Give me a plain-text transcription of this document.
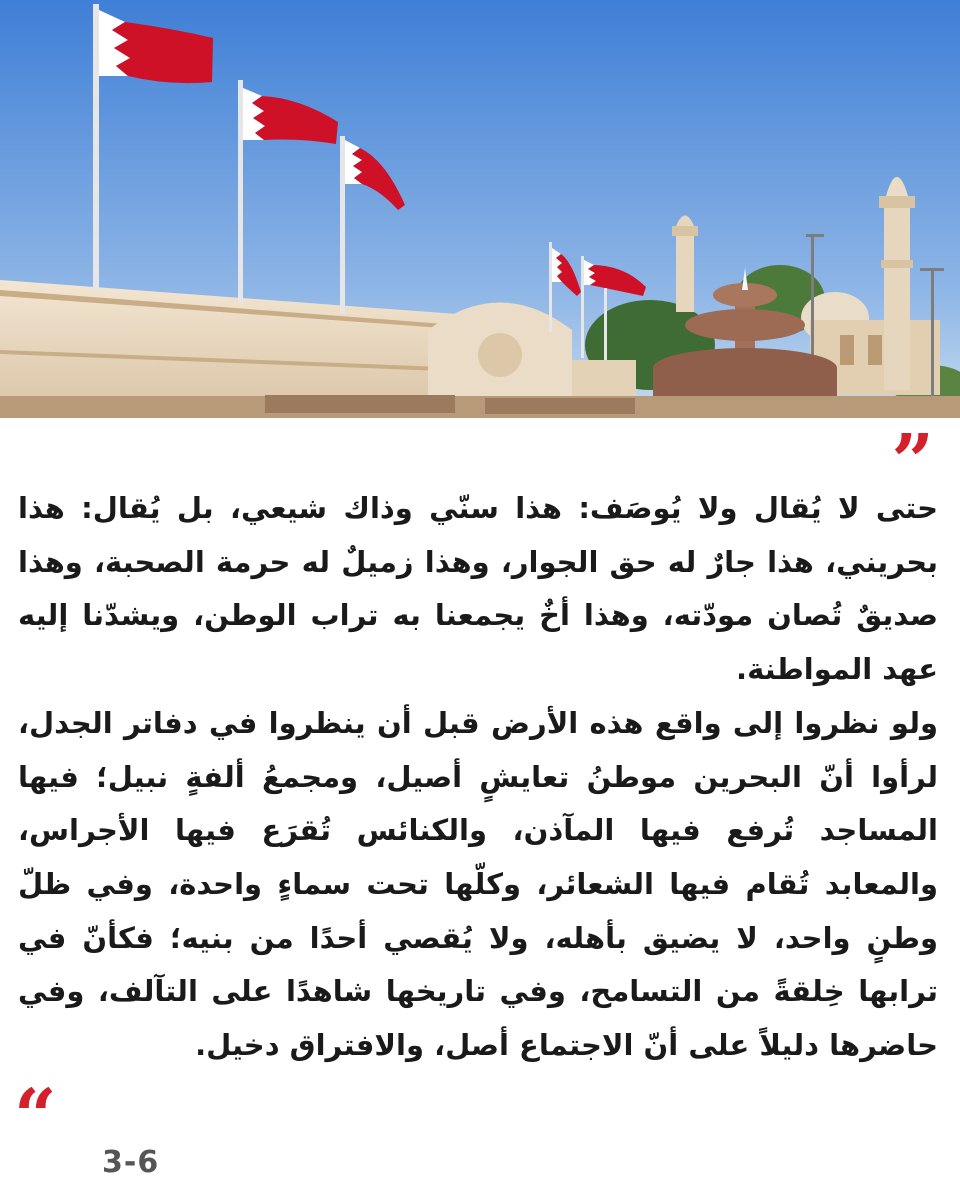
”

حتى لا يُقال ولا يُوصَف: هذا سنّي وذاك شيعي، بل يُقال: هذا بحريني، هذا جارٌ له حق الجوار، وهذا زميلٌ له حرمة الصحبة، وهذا صديقٌ تُصان مودّته، وهذا أخٌ يجمعنا به تراب الوطن، ويشدّنا إليه عهد المواطنة.

ولو نظروا إلى واقع هذه الأرض قبل أن ينظروا في دفاتر الجدل، لرأوا أنّ البحرين موطنُ تعايشٍ أصيل، ومجمعُ ألفةٍ نبيل؛ فيها المساجد تُرفع فيها المآذن، والكنائس تُقرَع فيها الأجراس، والمعابد تُقام فيها الشعائر، وكلّها تحت سماءٍ واحدة، وفي ظلّ وطنٍ واحد، لا يضيق بأهله، ولا يُقصي أحدًا من بنيه؛ فكأنّ في ترابها خِلقةً من التسامح، وفي تاريخها شاهدًا على التآلف، وفي حاضرها دليلاً على أنّ الاجتماع أصل، والافتراق دخيل.

“
3-6
